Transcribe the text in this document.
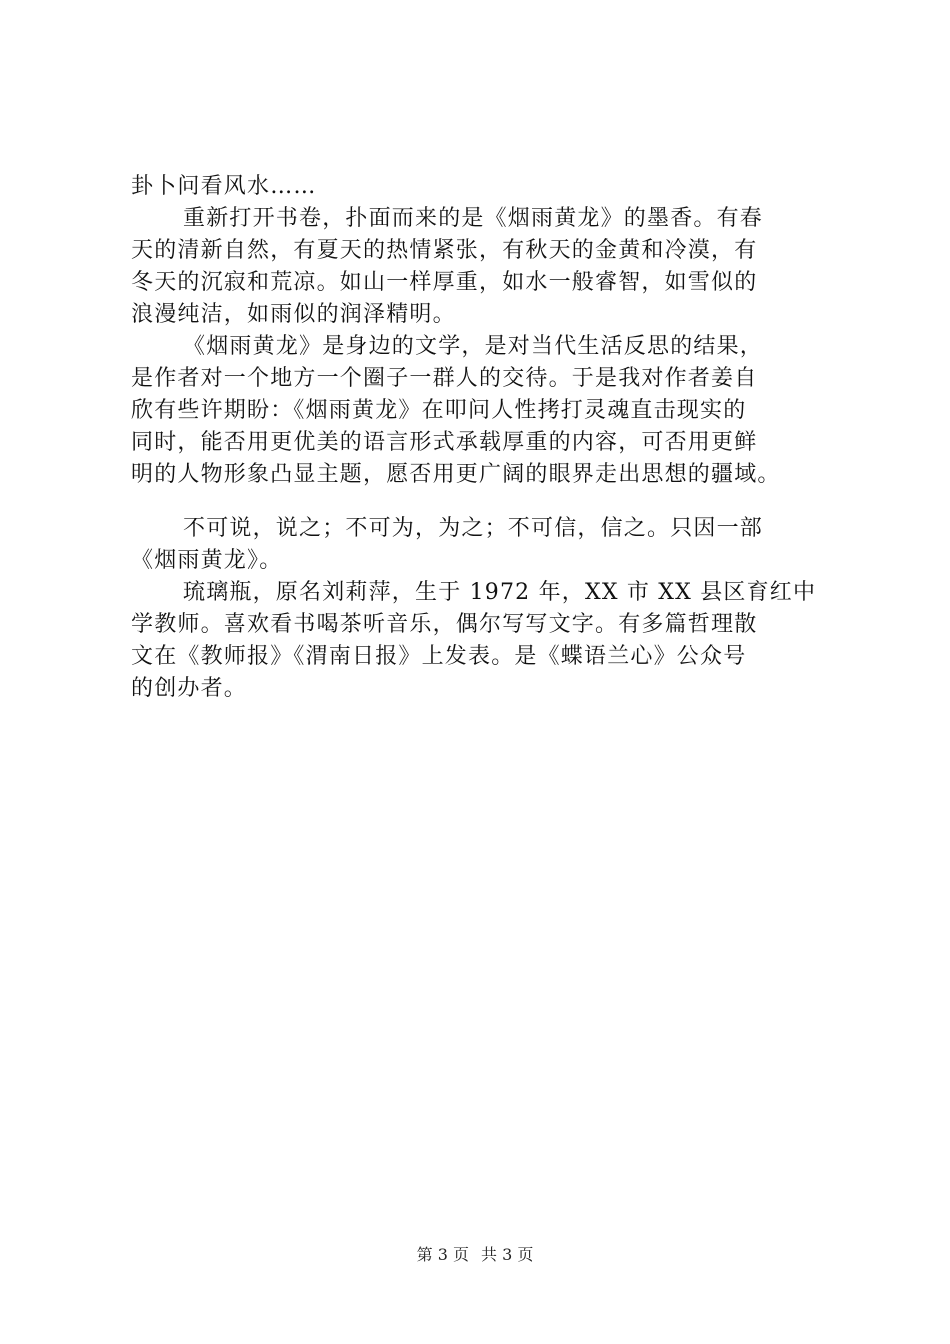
卦卜问看风水……
重新打开书卷，扑面而来的是《烟雨黄龙》的墨香。有春
天的清新自然，有夏天的热情紧张，有秋天的金黄和冷漠，有
冬天的沉寂和荒凉。如山一样厚重，如水一般睿智，如雪似的
浪漫纯洁，如雨似的润泽精明。
《烟雨黄龙》是身边的文学，是对当代生活反思的结果，
是作者对一个地方一个圈子一群人的交待。于是我对作者姜自
欣有些许期盼：《烟雨黄龙》在叩问人性拷打灵魂直击现实的
同时，能否用更优美的语言形式承载厚重的内容，可否用更鲜
明的人物形象凸显主题，愿否用更广阔的眼界走出思想的疆域。
不可说，说之；不可为，为之；不可信，信之。只因一部
《烟雨黄龙》。
琉璃瓶，原名刘莉萍，生于 1972 年，XX 市 XX 县区育红中
学教师。喜欢看书喝茶听音乐，偶尔写写文字。有多篇哲理散
文在《教师报》《渭南日报》上发表。是《蝶语兰心》公众号
的创办者。
第 3 页 共 3 页
